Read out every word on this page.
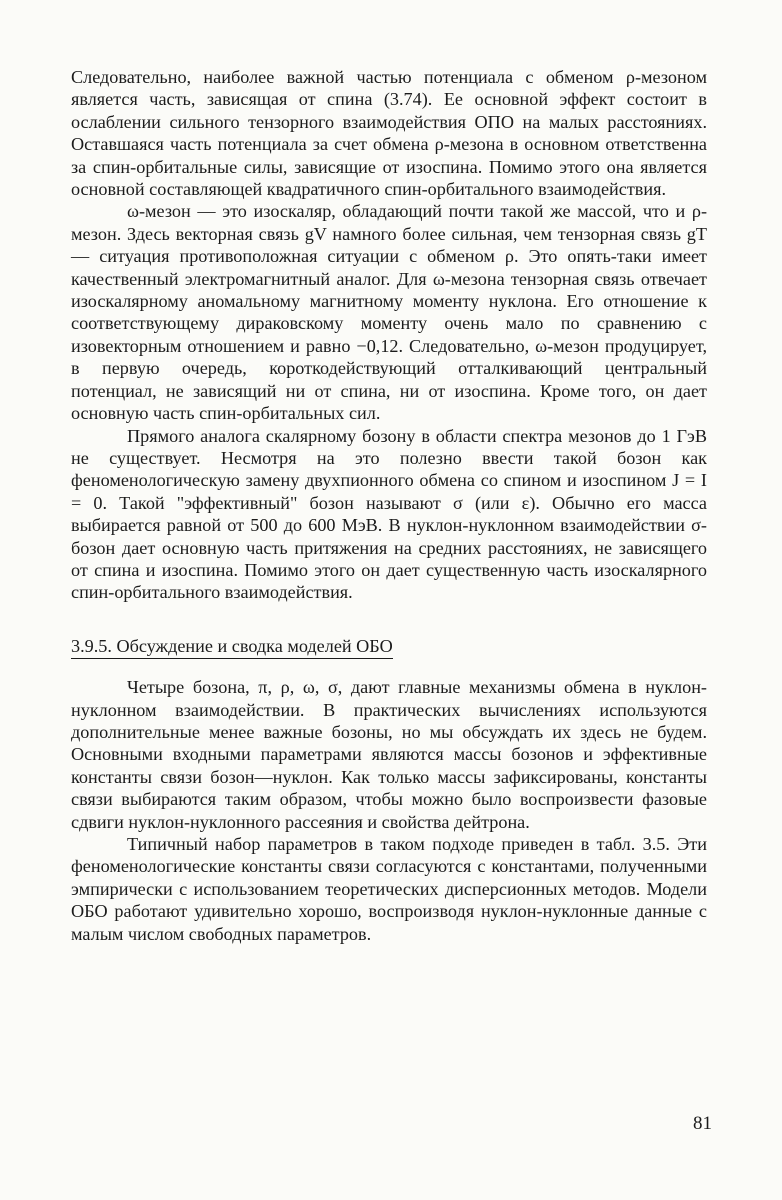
Следовательно, наиболее важной частью потенциала с обменом ρ-мезоном является часть, зависящая от спина (3.74). Ее основной эффект состоит в ослаблении сильного тензорного взаимодействия ОПО на малых расстояниях. Оставшаяся часть потенциала за счет обмена ρ-мезона в основном ответственна за спин-орбитальные силы, зависящие от изоспина. Помимо этого она является основной составляющей квадратичного спин-орбитального взаимодействия.

ω-мезон — это изоскаляр, обладающий почти такой же массой, что и ρ-мезон. Здесь векторная связь gV намного более сильная, чем тензорная связь gT — ситуация противоположная ситуации с обменом ρ. Это опять-таки имеет качественный электромагнитный аналог. Для ω-мезона тензорная связь отвечает изоскалярному аномальному магнитному моменту нуклона. Его отношение к соответствующему дираковскому моменту очень мало по сравнению с изовекторным отношением и равно −0,12. Следовательно, ω-мезон продуцирует, в первую очередь, короткодействующий отталкивающий центральный потенциал, не зависящий ни от спина, ни от изоспина. Кроме того, он дает основную часть спин-орбитальных сил.

Прямого аналога скалярному бозону в области спектра мезонов до 1 ГэВ не существует. Несмотря на это полезно ввести такой бозон как феноменологическую замену двухпионного обмена со спином и изоспином J = I = 0. Такой "эффективный" бозон называют σ (или ε). Обычно его масса выбирается равной от 500 до 600 МэВ. В нуклон-нуклонном взаимодействии σ-бозон дает основную часть притяжения на средних расстояниях, не зависящего от спина и изоспина. Помимо этого он дает существенную часть изоскалярного спин-орбитального взаимодействия.

3.9.5. Обсуждение и сводка моделей ОБО

Четыре бозона, π, ρ, ω, σ, дают главные механизмы обмена в нуклон-нуклонном взаимодействии. В практических вычислениях используются дополнительные менее важные бозоны, но мы обсуждать их здесь не будем. Основными входными параметрами являются массы бозонов и эффективные константы связи бозон—нуклон. Как только массы зафиксированы, константы связи выбираются таким образом, чтобы можно было воспроизвести фазовые сдвиги нуклон-нуклонного рассеяния и свойства дейтрона.

Типичный набор параметров в таком подходе приведен в табл. 3.5. Эти феноменологические константы связи согласуются с константами, полученными эмпирически с использованием теоретических дисперсионных методов. Модели ОБО работают удивительно хорошо, воспроизводя нуклон-нуклонные данные с малым числом свободных параметров.

81
